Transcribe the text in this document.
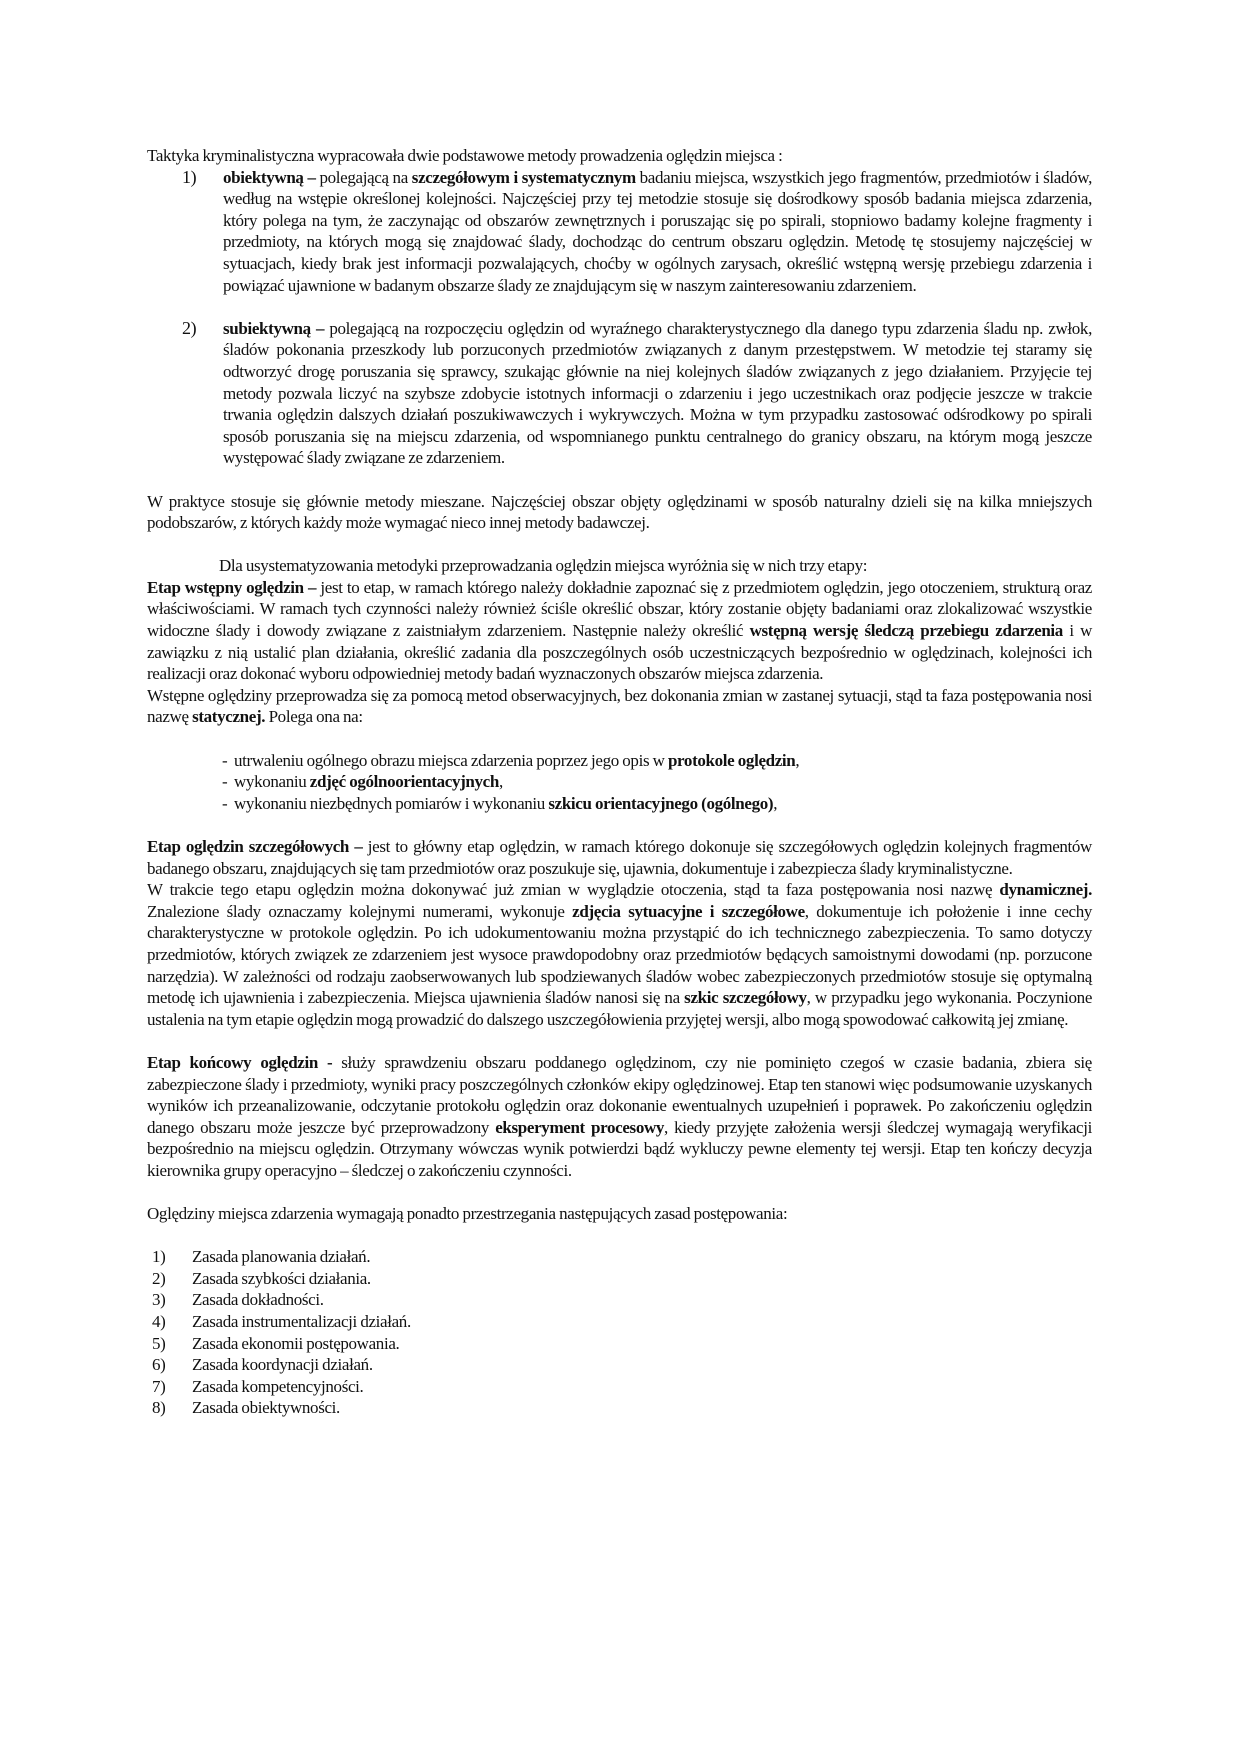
Taktyka kryminalistyczna wypracowała dwie podstawowe metody prowadzenia oględzin miejsca :

1) obiektywną – polegającą na szczegółowym i systematycznym badaniu miejsca, wszystkich jego fragmentów, przedmiotów i śladów, według na wstępie określonej kolejności. Najczęściej przy tej metodzie stosuje się dośrodkowy sposób badania miejsca zdarzenia, który polega na tym, że zaczynając od obszarów zewnętrznych i poruszając się po spirali, stopniowo badamy kolejne fragmenty i przedmioty, na których mogą się znajdować ślady, dochodząc do centrum obszaru oględzin. Metodę tę stosujemy najczęściej w sytuacjach, kiedy brak jest informacji pozwalających, choćby w ogólnych zarysach, określić wstępną wersję przebiegu zdarzenia i powiązać ujawnione w badanym obszarze ślady ze znajdującym się w naszym zainteresowaniu zdarzeniem.
2) subiektywną – polegającą na rozpoczęciu oględzin od wyraźnego charakterystycznego dla danego typu zdarzenia śladu np. zwłok, śladów pokonania przeszkody lub porzuconych przedmiotów związanych z danym przestępstwem. W metodzie tej staramy się odtworzyć drogę poruszania się sprawcy, szukając głównie na niej kolejnych śladów związanych z jego działaniem. Przyjęcie tej metody pozwala liczyć na szybsze zdobycie istotnych informacji o zdarzeniu i jego uczestnikach oraz podjęcie jeszcze w trakcie trwania oględzin dalszych działań poszukiwawczych i wykrywczych. Można w tym przypadku zastosować odśrodkowy po spirali sposób poruszania się na miejscu zdarzenia, od wspomnianego punktu centralnego do granicy obszaru, na którym mogą jeszcze występować ślady związane ze zdarzeniem.

W praktyce stosuje się głównie metody mieszane. Najczęściej obszar objęty oględzinami w sposób naturalny dzieli się na kilka mniejszych podobszarów, z których każdy może wymagać nieco innej metody badawczej.

Dla usystematyzowania metodyki przeprowadzania oględzin miejsca wyróżnia się w nich trzy etapy:

Etap wstępny oględzin – jest to etap, w ramach którego należy dokładnie zapoznać się z przedmiotem oględzin, jego otoczeniem, strukturą oraz właściwościami. W ramach tych czynności należy również ściśle określić obszar, który zostanie objęty badaniami oraz zlokalizować wszystkie widoczne ślady i dowody związane z zaistniałym zdarzeniem. Następnie należy określić wstępną wersję śledczą przebiegu zdarzenia i w zawiązku z nią ustalić plan działania, określić zadania dla poszczególnych osób uczestniczących bezpośrednio w oględzinach, kolejności ich realizacji oraz dokonać wyboru odpowiedniej metody badań wyznaczonych obszarów miejsca zdarzenia.

Wstępne oględziny przeprowadza się za pomocą metod obserwacyjnych, bez dokonania zmian w zastanej sytuacji, stąd ta faza postępowania nosi nazwę statycznej. Polega ona na:

- utrwaleniu ogólnego obrazu miejsca zdarzenia poprzez jego opis w protokole oględzin,
- wykonaniu zdjęć ogólnoorientacyjnych,
- wykonaniu niezbędnych pomiarów i wykonaniu szkicu orientacyjnego (ogólnego),

Etap oględzin szczegółowych – jest to główny etap oględzin, w ramach którego dokonuje się szczegółowych oględzin kolejnych fragmentów badanego obszaru, znajdujących się tam przedmiotów oraz poszukuje się, ujawnia, dokumentuje i zabezpiecza ślady kryminalistyczne.

W trakcie tego etapu oględzin można dokonywać już zmian w wyglądzie otoczenia, stąd ta faza postępowania nosi nazwę dynamicznej. Znalezione ślady oznaczamy kolejnymi numerami, wykonuje zdjęcia sytuacyjne i szczegółowe, dokumentuje ich położenie i inne cechy charakterystyczne w protokole oględzin. Po ich udokumentowaniu można przystąpić do ich technicznego zabezpieczenia. To samo dotyczy przedmiotów, których związek ze zdarzeniem jest wysoce prawdopodobny oraz przedmiotów będących samoistnymi dowodami (np. porzucone narzędzia). W zależności od rodzaju zaobserwowanych lub spodziewanych śladów wobec zabezpieczonych przedmiotów stosuje się optymalną metodę ich ujawnienia i zabezpieczenia. Miejsca ujawnienia śladów nanosi się na szkic szczegółowy, w przypadku jego wykonania. Poczynione ustalenia na tym etapie oględzin mogą prowadzić do dalszego uszczegółowienia przyjętej wersji, albo mogą spowodować całkowitą jej zmianę.

Etap końcowy oględzin - służy sprawdzeniu obszaru poddanego oględzinom, czy nie pominięto czegoś w czasie badania, zbiera się zabezpieczone ślady i przedmioty, wyniki pracy poszczególnych członków ekipy oględzinowej. Etap ten stanowi więc podsumowanie uzyskanych wyników ich przeanalizowanie, odczytanie protokołu oględzin oraz dokonanie ewentualnych uzupełnień i poprawek. Po zakończeniu oględzin danego obszaru może jeszcze być przeprowadzony eksperyment procesowy, kiedy przyjęte założenia wersji śledczej wymagają weryfikacji bezpośrednio na miejscu oględzin. Otrzymany wówczas wynik potwierdzi bądź wykluczy pewne elementy tej wersji. Etap ten kończy decyzja kierownika grupy operacyjno – śledczej o zakończeniu czynności.

Oględziny miejsca zdarzenia wymagają ponadto przestrzegania następujących zasad postępowania:

1) Zasada planowania działań.
2) Zasada szybkości działania.
3) Zasada dokładności.
4) Zasada instrumentalizacji działań.
5) Zasada ekonomii postępowania.
6) Zasada koordynacji działań.
7) Zasada kompetencyjności.
8) Zasada obiektywności.
